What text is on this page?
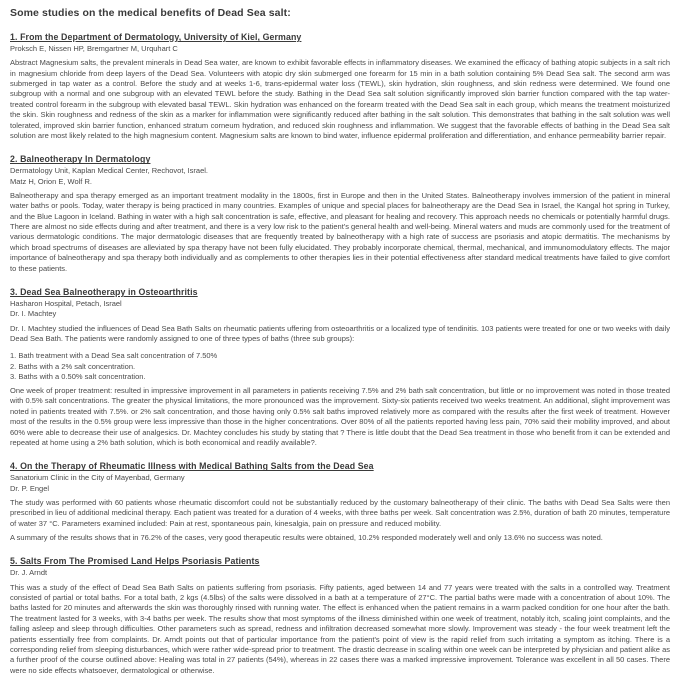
Some studies on the medical benefits of Dead Sea salt:
1. From the Department of Dermatology, University of Kiel, Germany
Proksch E, Nissen HP, Bremgartner M, Urquhart C

Abstract Magnesium salts, the prevalent minerals in Dead Sea water, are known to exhibit favorable effects in inflammatory diseases. We examined the efficacy of bathing atopic subjects in a salt rich in magnesium chloride from deep layers of the Dead Sea. Volunteers with atopic dry skin submerged one forearm for 15 min in a bath solution containing 5% Dead Sea salt. The second arm was submerged in tap water as a control. Before the study and at weeks 1-6, trans-epidermal water loss (TEWL), skin hydration, skin roughness, and skin redness were determined. We found one subgroup with a normal and one subgroup with an elevated TEWL before the study. Bathing in the Dead Sea salt solution significantly improved skin barrier function compared with the tap water-treated control forearm in the subgroup with elevated basal TEWL. Skin hydration was enhanced on the forearm treated with the Dead Sea salt in each group, which means the treatment moisturized the skin. Skin roughness and redness of the skin as a marker for inflammation were significantly reduced after bathing in the salt solution. This demonstrates that bathing in the salt solution was well tolerated, improved skin barrier function, enhanced stratum corneum hydration, and reduced skin roughness and inflammation. We suggest that the favorable effects of bathing in the Dead Sea salt solution are most likely related to the high magnesium content. Magnesium salts are known to bind water, influence epidermal proliferation and differentiation, and enhance permeability barrier repair.

2. Balneotherapy In Dermatology
Dermatology Unit, Kaplan Medical Center, Rechovot, Israel.
Matz H, Orion E, Wolf R.

Balneotherapy and spa therapy emerged as an important treatment modality in the 1800s, first in Europe and then in the United States. Balneotherapy involves immersion of the patient in mineral water baths or pools. Today, water therapy is being practiced in many countries. Examples of unique and special places for balneotherapy are the Dead Sea in Israel, the Kangal hot spring in Turkey, and the Blue Lagoon in Iceland. Bathing in water with a high salt concentration is safe, effective, and pleasant for healing and recovery. This approach needs no chemicals or potentially harmful drugs. There are almost no side effects during and after treatment, and there is a very low risk to the patient's general health and well-being. Mineral waters and muds are commonly used for the treatment of various dermatologic conditions. The major dermatologic diseases that are frequently treated by balneotherapy with a high rate of success are psoriasis and atopic dermatitis. The mechanisms by which broad spectrums of diseases are alleviated by spa therapy have not been fully elucidated. They probably incorporate chemical, thermal, mechanical, and immunomodulatory effects. The major importance of balneotherapy and spa therapy both individually and as complements to other therapies lies in their potential effectiveness after standard medical treatments have failed to give comfort to these patients.

3. Dead Sea Balneotherapy in Osteoarthritis
Hasharon Hospital, Petach, Israel
Dr. I. Machtey

Dr. I. Machtey studied the influences of Dead Sea Bath Salts on rheumatic patients uffering from osteoarthritis or a localized type of tendinitis. 103 patients were treated for one or two weeks with daily Dead Sea Bath. The patients were randomly assigned to one of three types of baths (three sub groups):

1. Bath treatment with a Dead Sea salt concentration of 7.50%
2. Baths with a 2% salt concentration.
3. Baths with a 0.50% salt concentration.

One week of proper treatment: resulted in impressive improvement in all parameters in patients receiving 7.5% and 2% bath salt concentration, but little or no improvement was noted in those treated with 0.5% salt concentrations. The greater the physical limitations, the more pronounced was the improvement. Sixty-six patients received two weeks treatment. An additional, slight improvement was noted in patients treated with 7.5%. or 2% salt concentration, and those having only 0.5% salt baths improved relatively more as compared with the results after the first week of treatment. However most of the results in the 0.5% group were less impressive than those in the higher concentrations. Over 80% of all the patients reported having less pain, 70% said their mobility improved, and about 60% were able to decrease their use of analgesics. Dr. Machtey concludes his study by stating that ? There is little doubt that the Dead Sea treatment in those who benefit from it can be extended and repeated at home using a 2% bath solution, which is both economical and readily available?.

4. On the Therapy of Rheumatic Illness with Medical Bathing Salts from the Dead Sea
Sanatorium Clinic in the City of Mayenbad, Germany
Dr. P. Engel

The study was performed with 60 patients whose rheumatic discomfort could not be substantially reduced by the customary balneotherapy of their clinic. The baths with Dead Sea Salts were then prescribed in lieu of additional medicinal therapy. Each patient was treated for a duration of 4 weeks, with three baths per week. Salt concentration was 2.5%, duration of bath 20 minutes, temperature of water 37 °C. Parameters examined included: Pain at rest, spontaneous pain, kinesalgia, pain on pressure and reduced mobility.

A summary of the results shows that in 76.2% of the cases, very good therapeutic results were obtained, 10.2% responded moderately well and only 13.6% no success was noted.

5. Salts From The Promised Land Helps Psoriasis Patients
Dr. J. Arndt

This was a study of the effect of Dead Sea Bath Salts on patients suffering from psoriasis. Fifty patients, aged between 14 and 77 years were treated with the salts in a controlled way. Treatment consisted of partial or total baths. For a total bath, 2 kgs (4.5lbs) of the salts were dissolved in a bath at a temperature of 27°C. The partial baths were made with a concentration of about 10%. The baths lasted for 20 minutes and afterwards the skin was thoroughly rinsed with running water. The effect is enhanced when the patient remains in a warm packed condition for one hour after the bath. The treatment lasted for 3 weeks, with 3-4 baths per week. The results show that most symptoms of the illness diminished within one week of treatment, notably itch, scaling joint complaints, and the falling asleep and sleep through difficulties. Other parameters such as spread, redness and infiltration decreased somewhat more slowly. Improvement was steady - the four week treatment left the patients essentially free from complaints. Dr. Arndt points out that of particular importance from the patient's point of view is the rapid relief from such irritating a symptom as itching. There is a corresponding relief from sleeping disturbances, which were rather wide-spread prior to treatment. The drastic decrease in scaling within one week can be interpreted by physician and patient alike as a further proof of the course outlined above: Healing was total in 27 patients (54%), whereas in 22 cases there was a marked impressive improvement. Tolerance was excellent in all 50 cases. There were no side effects whatsoever, dermatological or otherwise.
